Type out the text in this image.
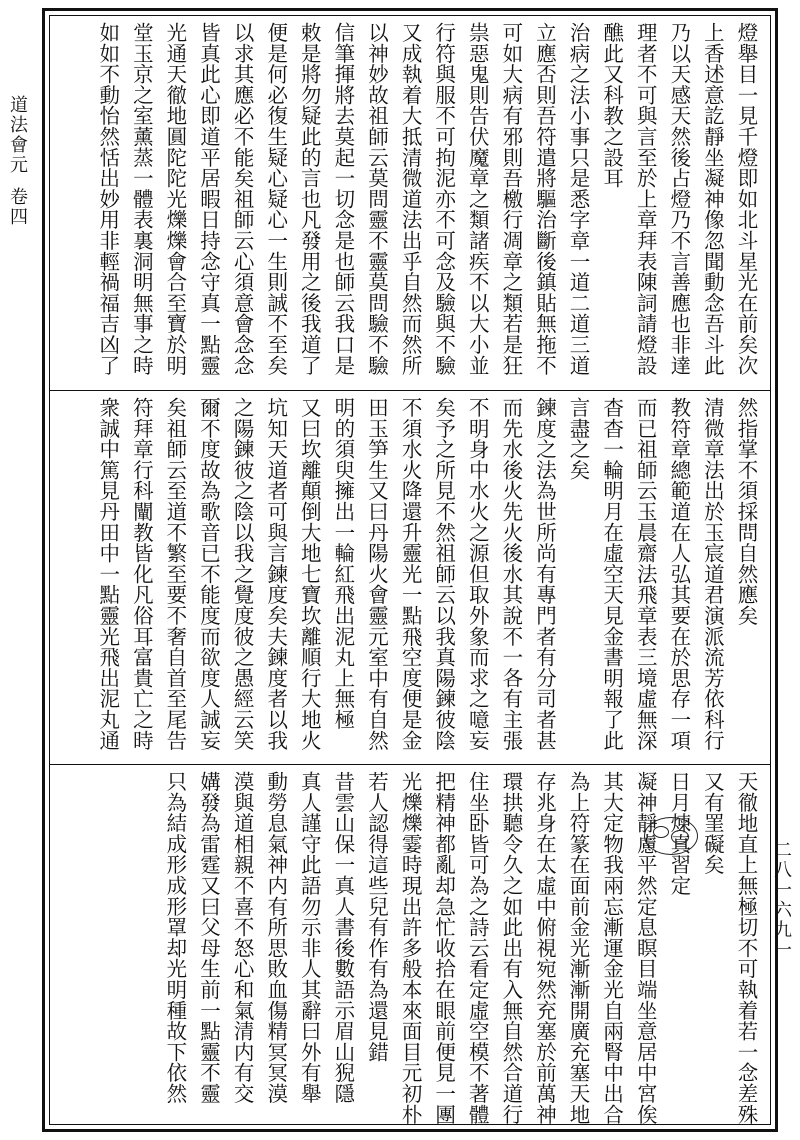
道法會元卷四
二八一六九一
燈舉目一見千燈即如北斗星光在前矣次
上香述意訖靜坐凝神像忽聞動念吾斗此
乃以天感天然後占燈乃不言善應也非達
理者不可與言至於上章拜表陳詞請燈設
醮此又科教之設耳
治病之法小事只是悉字章一道二道三道
立應否則吾符遣將驅治斷後鎮貼無拖不
可如大病有邪則吾檄行凋章之類若是狂
祟惡鬼則告伏魔章之類諸疾不以大小並
行符與服不可拘泥亦不可念及驗與不驗
又成執着大抵清微道法出乎自然而然所
以神妙故祖師云莫問靈不靈莫問驗不驗
信筆揮將去莫起一切念是也師云我口是
敕是將勿疑此的言也凡發用之後我道了
便是何必復生疑心疑心一生則誠不至矣
以求其應必不能矣祖師云心須意會念念
皆真此心即道平居暇日持念守真一點靈
光通天徹地圓陀陀光爍爍會合至寶於明
堂玉京之室薰蒸一體表裏洞明無事之時
如如不動怡然恬出妙用非輕禍福吉凶了
然指掌不須採問自然應矣
清微章法出於玉宸道君演派流芳依科行
教符章總範道在人弘其要在於思存一項
而已祖師云玉晨齋法飛章表三境虛無深
杳杳一輪明月在虛空天見金書明報了此
言盡之矣
鍊度之法為世所尚有專門者有分司者甚
而先水後火先火後水其說不一各有主張
不明身中水火之源但取外象而求之噫妄
矣予之所見不然祖師云以我真陽鍊彼陰
不須水火降還升靈光一點飛空度便是金
田玉笋生又曰丹陽火會靈元室中有自然
明的須臾擁出一輪紅飛出泥丸上無極
又曰坎離顛倒大地七寶坎離順行大地火
坑知天道者可與言鍊度矣夫鍊度者以我
之陽鍊彼之陰以我之覺度彼之愚經云笑
爾不度故為歌音已不能度而欲度人誠妄
矣祖師云至道不繁至要不奢自首至尾告
符拜章行科闡教皆化凡俗耳富貴亡之時
衆誠中篤見丹田中一點靈光飛出泥丸通
天徹地直上無極切不可執着若一念差殊
又有罣礙矣
日月煉真習定
凝神靜慮平然定息瞑目端坐意居中宮俟
其大定物我兩忘漸運金光自兩腎中出合
為上符篆在面前金光漸漸開廣充塞天地
存兆身在太虛中俯視宛然充塞於前萬神
環拱聽令久之如此出有入無自然合道行
住坐卧皆可為之詩云看定虛空模不著體
把精神都亂却急忙收拾在眼前便見一團
光爍爍霎時現出許多般本來面目元初朴
若人認得這些兒有作有為還見錯
昔雲山保一真人書後數語示眉山猊隱
真人謹守此語勿示非人其辭曰外有舉
動勞息氣神内有所思敗血傷精冥冥漠
漠與道相親不喜不怒心和氣清内有交
媾發為雷霆又曰父母生前一點靈不靈
只為結成形成形罩却光明種故下依然
